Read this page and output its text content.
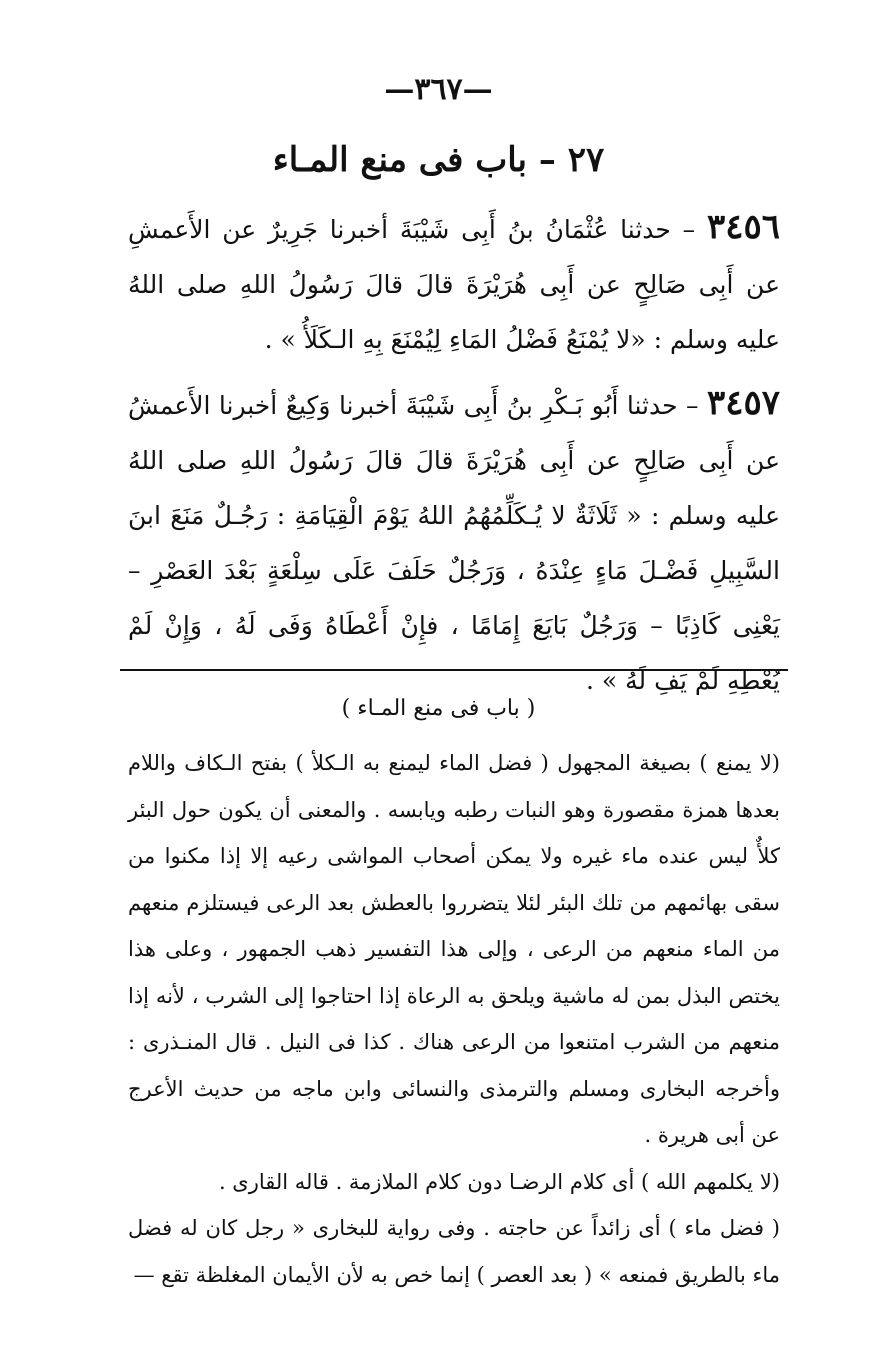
—٣٦٧—
٢٧ – باب فى منع المـاء
٣٤٥٦ – حدثنا عُثْمَانُ بنُ أَبِى شَيْبَةَ أخبرنا جَرِيرٌ عن الأَعمشِ عن أَبِى صَالِحٍ عن أَبِى هُرَيْرَةَ قالَ قالَ رَسُولُ اللهِ صلى اللهُ عليه وسلم : «لا يُمْنَعُ فَضْلُ المَاءِ لِيُمْنَعَ بِهِ الـكَلَأُ » .
٣٤٥٧ – حدثنا أَبُو بَـكْرِ بنُ أَبِى شَيْبَةَ أخبرنا وَكِيعٌ أخبرنا الأَعمشُ عن أَبِى صَالِحٍ عن أَبِى هُرَيْرَةَ قالَ قالَ رَسُولُ اللهِ صلى اللهُ عليه وسلم : « ثَلَاثَةٌ لا يُـكَلِّمُهُمُ اللهُ يَوْمَ الْقِيَامَةِ : رَجُـلٌ مَنَعَ ابنَ السَّبِيلِ فَضْـلَ مَاءٍ عِنْدَهُ ، وَرَجُلٌ حَلَفَ عَلَى سِلْعَةٍ بَعْدَ العَصْرِ – يَعْنِى كَاذِبًا – وَرَجُلٌ بَايَعَ إِمَامًا ، فإِنْ أَعْطَاهُ وَفَى لَهُ ، وَإِنْ لَمْ يُعْطِهِ لَمْ يَفِ لَهُ » .
( باب فى منع المـاء )

(لا يمنع ) بصيغة المجهول ( فضل الماء ليمنع به الـكلأ ) بفتح الـكاف واللام بعدها همزة مقصورة وهو النبات رطبه ويابسه . والمعنى أن يكون حول البئر كلأٌ ليس عنده ماء غيره ولا يمكن أصحاب المواشى رعيه إلا إذا مكنوا من سقى بهائمهم من تلك البئر لئلا يتضرروا بالعطش بعد الرعى فيستلزم منعهم من الماء منعهم من الرعى ، وإلى هذا التفسير ذهب الجمهور ، وعلى هذا يختص البذل بمن له ماشية ويلحق به الرعاة إذا احتاجوا إلى الشرب ، لأنه إذا منعهم من الشرب امتنعوا من الرعى هناك . كذا فى النيل . قال المنـذرى : وأخرجه البخارى ومسلم والترمذى والنسائى وابن ماجه من حديث الأعرج عن أبى هريرة .

(لا يكلمهم الله ) أى كلام الرضـا دون كلام الملازمة . قاله القارى .

( فضل ماء ) أى زائداً عن حاجته . وفى رواية للبخارى « رجل كان له فضل ماء بالطريق فمنعه » ( بعد العصر ) إنما خص به لأن الأيمان المغلظة تقع —
